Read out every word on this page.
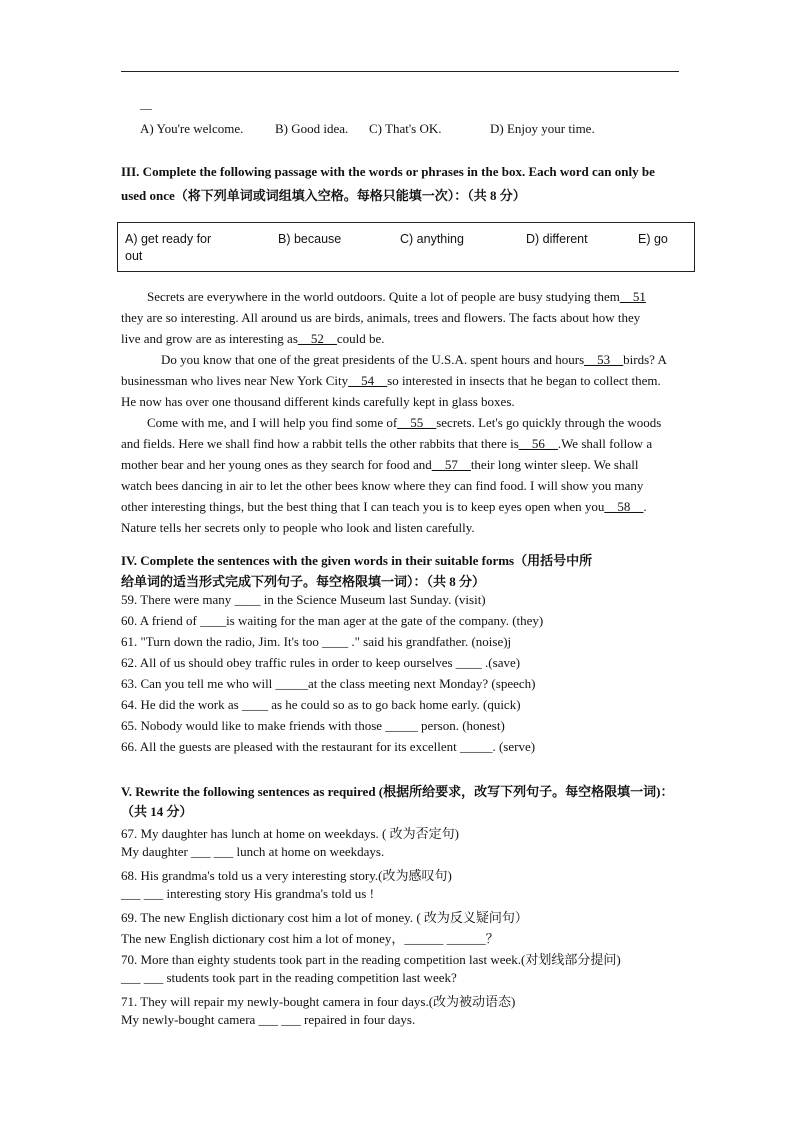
—
A) You're welcome. B) Good idea. C) That's OK.	D) Enjoy your time.
III. Complete the following passage with the words or phrases in the box. Each word can only be
used once（将下列单词或词组填入空格。每格只能填一次）：（共 8 分）
A) get ready for
out
B) because	C) anything	D) different	E) go
Secrets are everywhere in the world outdoors. Quite a lot of people are busy studying them__51
they are so interesting. All around us are birds, animals, trees and flowers. The facts about how they
live and grow are as interesting as__52__could be.
Do you know that one of the great presidents of the U.S.A. spent hours and hours__53__birds? A
businessman who lives near New York City__54__so interested in insects that he began to collect them.
He now has over one thousand different kinds carefully kept in glass boxes.
Come with me, and I will help you find some of__55__secrets. Let's go quickly through the woods
and fields. Here we shall find how a rabbit tells the other rabbits that there is__56__.We shall follow a
mother bear and her young ones as they search for food and__57__their long winter sleep. We shall
watch bees dancing in air to let the other bees know where they can find food. I will show you many
other interesting things, but the best thing that I can teach you is to keep eyes open when you__58__.
Nature tells her secrets only to people who look and listen carefully.
IV. Complete the sentences with the given words in their suitable forms（用括号中所
给单词的适当形式完成下列句子。每空格限填一词）：（共 8 分）
59. There were many ____ in the Science Museum last Sunday. (visit)
60. A friend of ____is waiting for the man ager at the gate of the company. (they)
61. "Turn down the radio, Jim. It's too ____ ." said his grandfather. (noise)j
62. All of us should obey traffic rules in order to keep ourselves ____ .(save)
63. Can you tell me who will _____at the class meeting next Monday? (speech)
64. He did the work as ____ as he could so as to go back home early. (quick)
65. Nobody would like to make friends with those _____ person. (honest)
66. All the guests are pleased with the restaurant for its excellent _____. (serve)
V. Rewrite the following sentences as required (根据所给要求，改写下列句子。每空格限填一词)：
（共 14 分）
67. My daughter has lunch at home on weekdays. ( 改为否定句)
My daughter ___ ___ lunch at home on weekdays.
68. His grandma's told us a very interesting story.(改为感叹句)
___ ___ interesting story His grandma's told us !
69. The new English dictionary cost him a lot of money. ( 改为反义疑问句）
The new English dictionary cost him a lot of money，______ ______？
70. More than eighty students took part in the reading competition last week.(对划线部分提问)
___ ___ students took part in the reading competition last week?
71. They will repair my newly-bought camera in four days.(改为被动语态)
My newly-bought camera ___ ___ repaired in four days.
